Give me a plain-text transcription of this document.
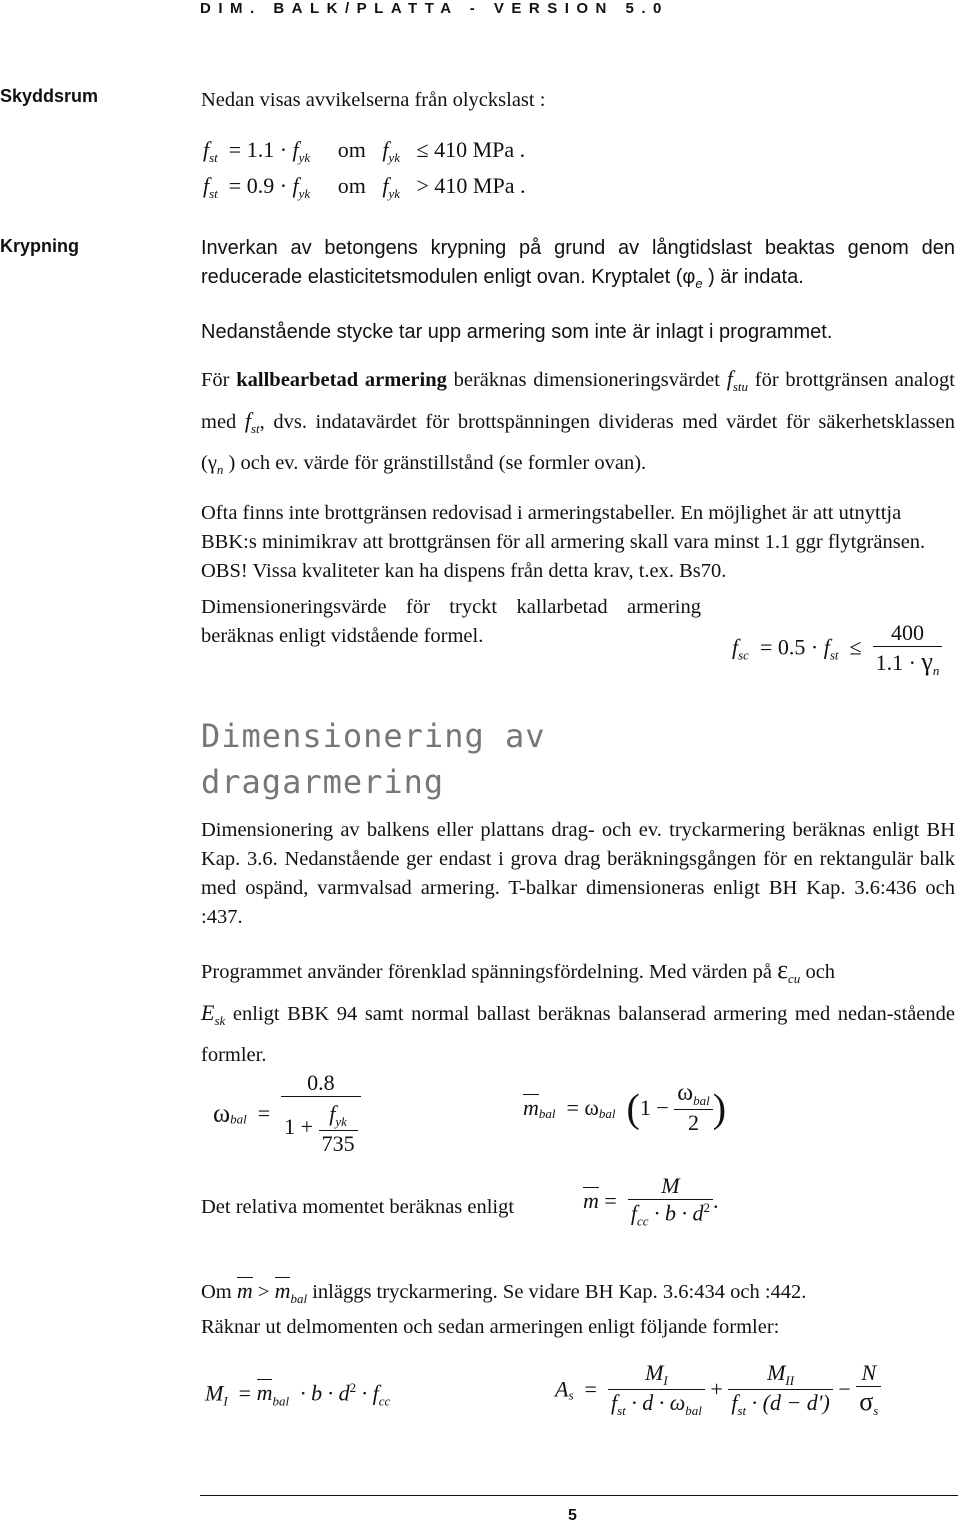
DIM. BALK/PLATTA - VERSION 5.0
Skyddsrum
Krypning
Nedan visas avvikelserna från olyckslast :
$f_{st} = 1.1 \cdot f_{yk}$ om $f_{yk} \le 410$ MPa .
$f_{st} = 0.9 \cdot f_{yk}$ om $f_{yk} > 410$ MPa .
Inverkan av betongens krypning på grund av långtidslast beaktas genom den reducerade elasticitetsmodulen enligt ovan. Kryptalet ($\varphi_e$ ) är indata.
Nedanstående stycke tar upp armering som inte är inlagt i programmet.
För kallbearbetad armering beräknas dimensioneringsvärdet $f_{stu}$ för brottgränsen analogt med $f_{st}$, dvs. indatavärdet för brottspänningen divideras med värdet för säkerhetsklassen ($\gamma_n$ ) och ev. värde för gränstillstånd (se formler ovan).
Ofta finns inte brottgränsen redovisad i armeringstabeller. En möjlighet är att utnyttja BBK:s minimikrav att brottgränsen för all armering skall vara minst 1.1 ggr flytgränsen. OBS! Vissa kvaliteter kan ha dispens från detta krav, t.ex. Bs70.
Dimensioneringsvärde för tryckt kallarbetad armering beräknas enligt vidstående formel.	$f_{sc} = 0.5 \cdot f_{st} \le \frac{400}{1.1 \cdot \gamma_n}$
Dimensionering av
dragarmering
Dimensionering av balkens eller plattans drag- och ev. tryckarmering beräknas enligt BH Kap. 3.6. Nedanstående ger endast i grova drag beräkningsgången för en rektangulär balk med ospänd, varmvalsad armering. T-balkar dimensioneras enligt BH Kap. 3.6:436 och :437.
Programmet använder förenklad spänningsfördelning. Med värden på $\varepsilon_{cu}$ och
$E_{sk}$ enligt BBK 94 samt normal ballast beräknas balanserad armering med nedan-stående formler.
$\omega_{bal} = \frac{0.8}{1 + \frac{f_{yk}}{735}}$	$m_{bal} = \omega_{bal}$ ($1 - \frac{\omega_{bal}}{2}$ )
Det relativa momentet beräknas enligt	$m = \frac{M}{f_{cc} \cdot b \cdot d^2}$ .
Om $m > m_{bal}$ inläggs tryckarmering. Se vidare BH Kap. 3.6:434 och :442.
Räknar ut delmomenten och sedan armeringen enligt följande formler:
$M_I = m_{bal} \cdot b \cdot d^2 \cdot f_{cc}$	$A_s = \frac{M_I}{f_{st} \cdot d \cdot \omega_{bal}} + \frac{M_{II}}{f_{st} \cdot (d - d')} - \frac{N}{\sigma_s}$
5
